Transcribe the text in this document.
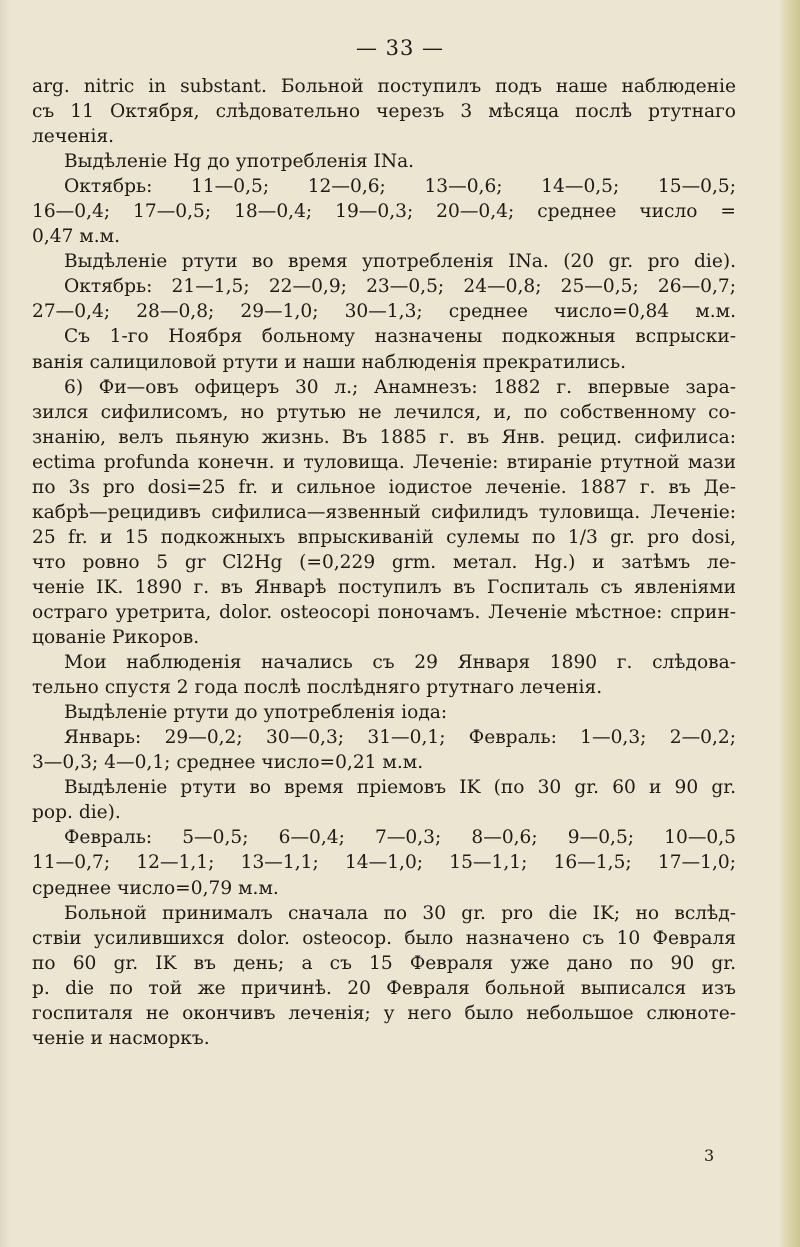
— 33 —

arg. nitric in substant. Больной поступилъ подъ наше наблюденіе

съ 11 Октября, слѣдовательно черезъ 3 мѣсяца послѣ ртутнаго

леченія.

Выдѣленіе Hg до употребленія INa.

Октябрь: 11—0,5; 12—0,6; 13—0,6; 14—0,5; 15—0,5;

16—0,4; 17—0,5; 18—0,4; 19—0,3; 20—0,4; среднее число =

0,47 м.м.

Выдѣленіе ртути во время употребленія INa. (20 gr. pro die).

Октябрь: 21—1,5; 22—0,9; 23—0,5; 24—0,8; 25—0,5; 26—0,7;

27—0,4; 28—0,8; 29—1,0; 30—1,3; среднее число=0,84 м.м.

Съ 1-го Ноября больному назначены подкожныя вспрыски-

ванія салициловой ртути и наши наблюденія прекратились.

6) Фи—овъ офицеръ 30 л.; Анамнезъ: 1882 г. впервые зара-

зился сифилисомъ, но ртутью не лечился, и, по собственному со-

знанію, велъ пьяную жизнь. Въ 1885 г. въ Янв. рецид. сифилиса:

ectima profunda конечн. и туловища. Леченіе: втираніе ртутной мази

по 3s pro dosi=25 fr. и сильное іодистое леченіе. 1887 г. въ Де-

кабрѣ—рецидивъ сифилиса—язвенный сифилидъ туловища. Леченіе:

25 fr. и 15 подкожныхъ впрыскиваній сулемы по 1/3 gr. pro dosi,

что ровно 5 gr Cl2Hg (=0,229 grm. метал. Hg.) и затѣмъ ле-

ченіе IK. 1890 г. въ Январѣ поступилъ въ Госпиталь съ явленіями

остраго уретрита, dolor. osteocopi поночамъ. Леченіе мѣстное: сприн-

цованіе Рикоров.

Мои наблюденія начались съ 29 Января 1890 г. слѣдова-

тельно спустя 2 года послѣ послѣдняго ртутнаго леченія.

Выдѣленіе ртути до употребленія іода:

Январь: 29—0,2; 30—0,3; 31—0,1; Февраль: 1—0,3; 2—0,2;

3—0,3; 4—0,1; среднее число=0,21 м.м.

Выдѣленіе ртути во время пріемовъ IK (по 30 gr. 60 и 90 gr.

pop. die).

Февраль: 5—0,5; 6—0,4; 7—0,3; 8—0,6; 9—0,5; 10—0,5

11—0,7; 12—1,1; 13—1,1; 14—1,0; 15—1,1; 16—1,5; 17—1,0;

среднее число=0,79 м.м.

Больной принималъ сначала по 30 gr. pro die IK; но вслѣд-

ствіи усилившихся dolor. osteocop. было назначено съ 10 Февраля

по 60 gr. IK въ день; а съ 15 Февраля уже дано по 90 gr.

p. die по той же причинѣ. 20 Февраля больной выписался изъ

госпиталя не окончивъ леченія; у него было небольшое слюноте-

ченіе и насморкъ.

3
